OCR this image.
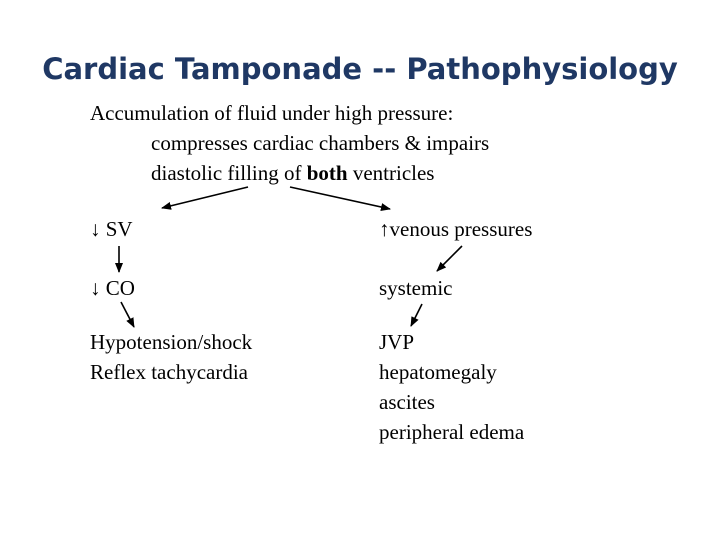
Cardiac Tamponade -- Pathophysiology
Accumulation of fluid under high pressure:
compresses cardiac chambers & impairs
diastolic filling of both ventricles
↓ SV
↓ CO
Hypotension/shock
Reflex tachycardia
↑venous pressures
systemic
JVP
hepatomegaly
ascites
peripheral edema
